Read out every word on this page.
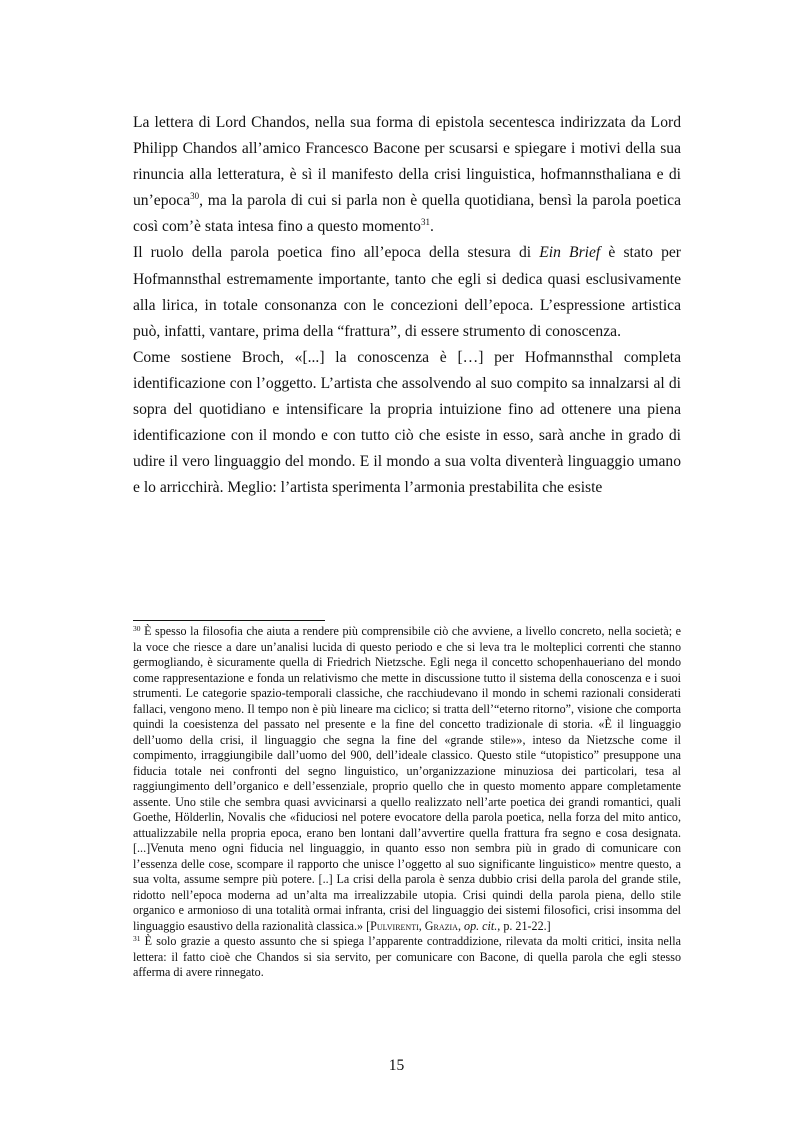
La lettera di Lord Chandos, nella sua forma di epistola secentesca indirizzata da Lord Philipp Chandos all’amico Francesco Bacone per scusarsi e spiegare i motivi della sua rinuncia alla letteratura, è sì il manifesto della crisi linguistica, hofmannsthaliana e di un’epoca$^{30}$, ma la parola di cui si parla non è quella quotidiana, bensì la parola poetica così com’è stata intesa fino a questo momento$^{31}$.

Il ruolo della parola poetica fino all’epoca della stesura di Ein Brief è stato per Hofmannsthal estremamente importante, tanto che egli si dedica quasi esclusivamente alla lirica, in totale consonanza con le concezioni dell’epoca. L’espressione artistica può, infatti, vantare, prima della “frattura”, di essere strumento di conoscenza.

Come sostiene Broch, «[...] la conoscenza è […] per Hofmannsthal completa identificazione con l’oggetto. L’artista che assolvendo al suo compito sa innalzarsi al di sopra del quotidiano e intensificare la propria intuizione fino ad ottenere una piena identificazione con il mondo e con tutto ciò che esiste in esso, sarà anche in grado di udire il vero linguaggio del mondo. E il mondo a sua volta diventerà linguaggio umano e lo arricchirà. Meglio: l’artista sperimenta l’armonia prestabilita che esiste

$^{30}$ È spesso la filosofia che aiuta a rendere più comprensibile ciò che avviene, a livello concreto, nella società; e la voce che riesce a dare un’analisi lucida di questo periodo e che si leva tra le molteplici correnti che stanno germogliando, è sicuramente quella di Friedrich Nietzsche. Egli nega il concetto schopenhaueriano del mondo come rappresentazione e fonda un relativismo che mette in discussione tutto il sistema della conoscenza e i suoi strumenti. Le categorie spazio-temporali classiche, che racchiudevano il mondo in schemi razionali considerati fallaci, vengono meno. Il tempo non è più lineare ma ciclico; si tratta dell’“eterno ritorno”, visione che comporta quindi la coesistenza del passato nel presente e la fine del concetto tradizionale di storia. «È il linguaggio dell’uomo della crisi, il linguaggio che segna la fine del «grande stile»», inteso da Nietzsche come il compimento, irraggiungibile dall’uomo del 900, dell’ideale classico. Questo stile “utopistico” presuppone una fiducia totale nei confronti del segno linguistico, un’organizzazione minuziosa dei particolari, tesa al raggiungimento dell’organico e dell’essenziale, proprio quello che in questo momento appare completamente assente. Uno stile che sembra quasi avvicinarsi a quello realizzato nell’arte poetica dei grandi romantici, quali Goethe, Hölderlin, Novalis che «fiduciosi nel potere evocatore della parola poetica, nella forza del mito antico, attualizzabile nella propria epoca, erano ben lontani dall’avvertire quella frattura fra segno e cosa designata. [...]Venuta meno ogni fiducia nel linguaggio, in quanto esso non sembra più in grado di comunicare con l’essenza delle cose, scompare il rapporto che unisce l’oggetto al suo significante linguistico» mentre questo, a sua volta, assume sempre più potere. [..] La crisi della parola è senza dubbio crisi della parola del grande stile, ridotto nell’epoca moderna ad un’alta ma irrealizzabile utopia. Crisi quindi della parola piena, dello stile organico e armonioso di una totalità ormai infranta, crisi del linguaggio dei sistemi filosofici, crisi insomma del linguaggio esaustivo della razionalità classica.» [Pulvirenti, Grazia, op. cit., p. 21-22.]

$^{31}$ È solo grazie a questo assunto che si spiega l’apparente contraddizione, rilevata da molti critici, insita nella lettera: il fatto cioè che Chandos si sia servito, per comunicare con Bacone, di quella parola che egli stesso afferma di avere rinnegato.

15
